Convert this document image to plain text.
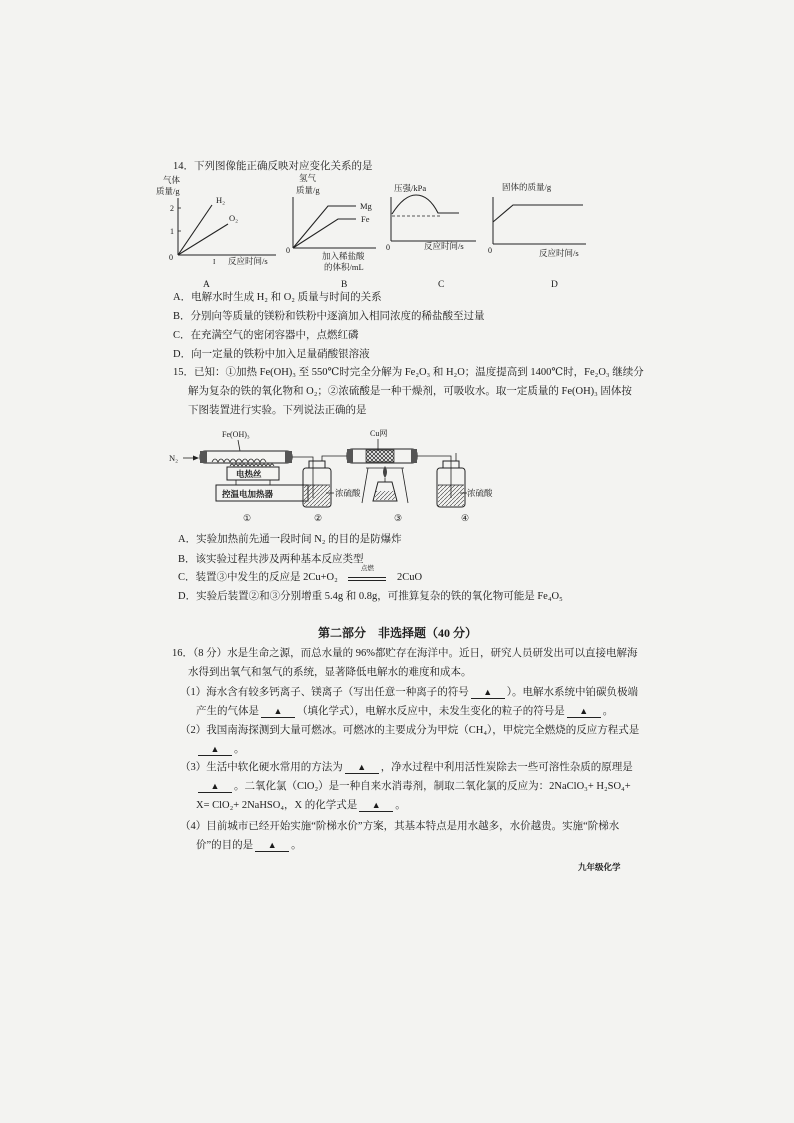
14．下列图像能正确反映对应变化关系的是
气体
质量/g
2
1
0
H₂
O₂
I 反应时间/s
A
氢气
质量/g
0
Mg
Fe
加入稀盐酸
的体积/mL
B
压强/kPa
0	反应时间/s
C
固体的质量/g
0	反应时间/s
D
A．电解水时生成 H₂ 和 O₂ 质量与时间的关系
B．分别向等质量的镁粉和铁粉中逐滴加入相同浓度的稀盐酸至过量
C．在充满空气的密闭容器中，点燃红磷
D．向一定量的铁粉中加入足量硝酸银溶液
15．已知：①加热 Fe(OH)₃ 至 550℃时完全分解为 Fe₂O₃ 和 H₂O；温度提高到 1400℃时，Fe₂O₃ 继续分
解为复杂的铁的氧化物和 O₂；②浓硫酸是一种干燥剂，可吸收水。取一定质量的 Fe(OH)₃ 固体按
下图装置进行实验。下列说法正确的是
N₂
Fe(OH)₃
电热丝
控温电加热器	浓硫酸
Cu网
浓硫酸
①	②	③	④
A．实验加热前先通一段时间 N₂ 的目的是防爆炸
B．该实验过程共涉及两种基本反应类型
C．装置③中发生的反应是 2Cu+O₂
点燃
2CuO
D．实验后装置②和③分别增重 5.4g 和 0.8g，可推算复杂的铁的氧化物可能是 Fe₄O₅
第二部分　非选择题（40 分）
16．（8 分）水是生命之源，而总水量的 96%都贮存在海洋中。近日，研究人员研发出可以直接电解海
水得到出氧气和氢气的系统，显著降低电解水的难度和成本。
（1）海水含有较多钙离子、镁离子（写出任意一种离子的符号 ▲ ）。电解水系统中铂碳负极端
产生的气体是 ▲ （填化学式），电解水反应中，未发生变化的粒子的符号是 ▲ 。
（2）我国南海探测到大量可燃冰。可燃冰的主要成分为甲烷（CH₄），甲烷完全燃烧的反应方程式是
▲ 。
（3）生活中软化硬水常用的方法为 ▲ ，净水过程中利用活性炭除去一些可溶性杂质的原理是
▲ 。二氧化氯（ClO₂）是一种自来水消毒剂，制取二氧化氯的反应为：2NaClO₃+ H₂SO₄+
X= ClO₂+ 2NaHSO₄，X 的化学式是 ▲ 。
（4）目前城市已经开始实施“阶梯水价”方案，其基本特点是用水越多，水价越贵。实施“阶梯水
价”的目的是 ▲ 。
九年级化学
